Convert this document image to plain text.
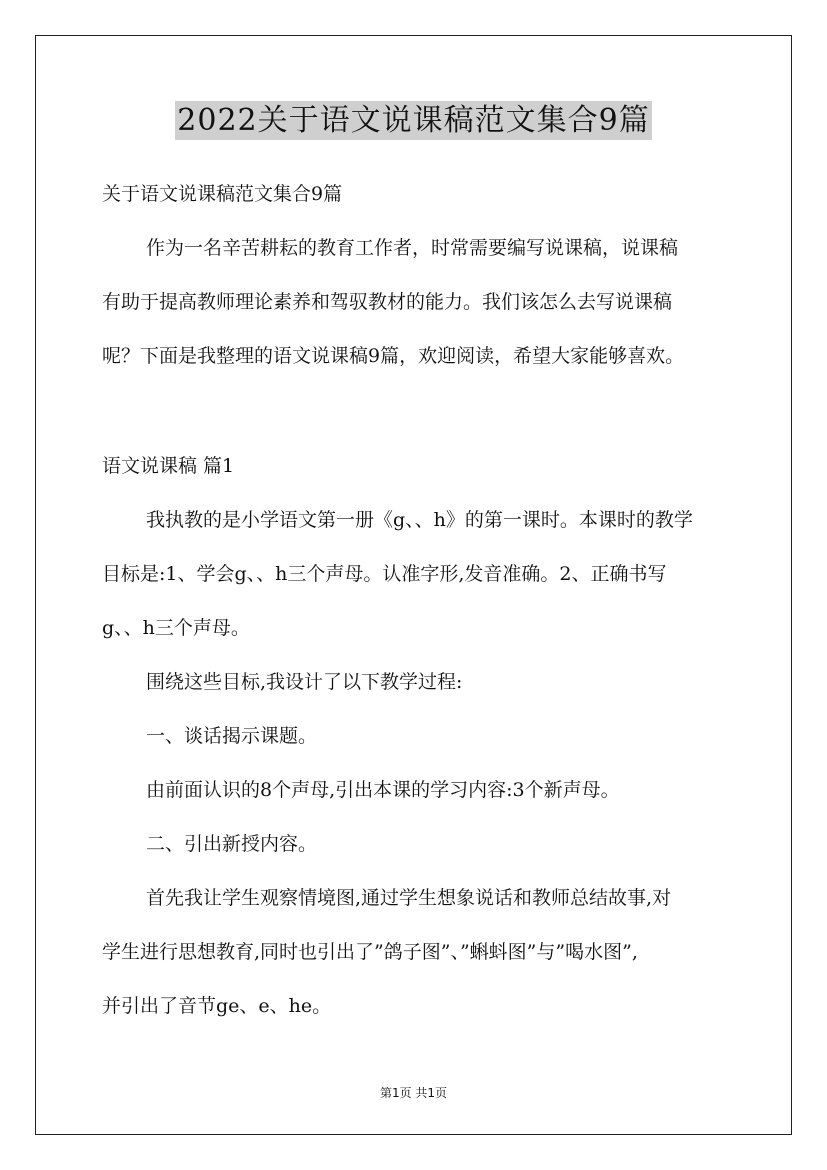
2022关于语文说课稿范文集合9篇
关于语文说课稿范文集合9篇
作为一名辛苦耕耘的教育工作者，时常需要编写说课稿，说课稿
有助于提高教师理论素养和驾驭教材的能力。我们该怎么去写说课稿
呢？下面是我整理的语文说课稿9篇，欢迎阅读，希望大家能够喜欢。
语文说课稿 篇1
我执教的是小学语文第一册《g、、h》的第一课时。本课时的教学
目标是:1、学会g、、h三个声母。认准字形,发音准确。2、正确书写
g、、h三个声母。
围绕这些目标,我设计了以下教学过程:
一、谈话揭示课题。
由前面认识的8个声母,引出本课的学习内容:3个新声母。
二、引出新授内容。
首先我让学生观察情境图,通过学生想象说话和教师总结故事,对
学生进行思想教育,同时也引出了”鸽子图”、”蝌蚪图”与”喝水图”,
并引出了音节ge、e、he。
第1页 共1页
